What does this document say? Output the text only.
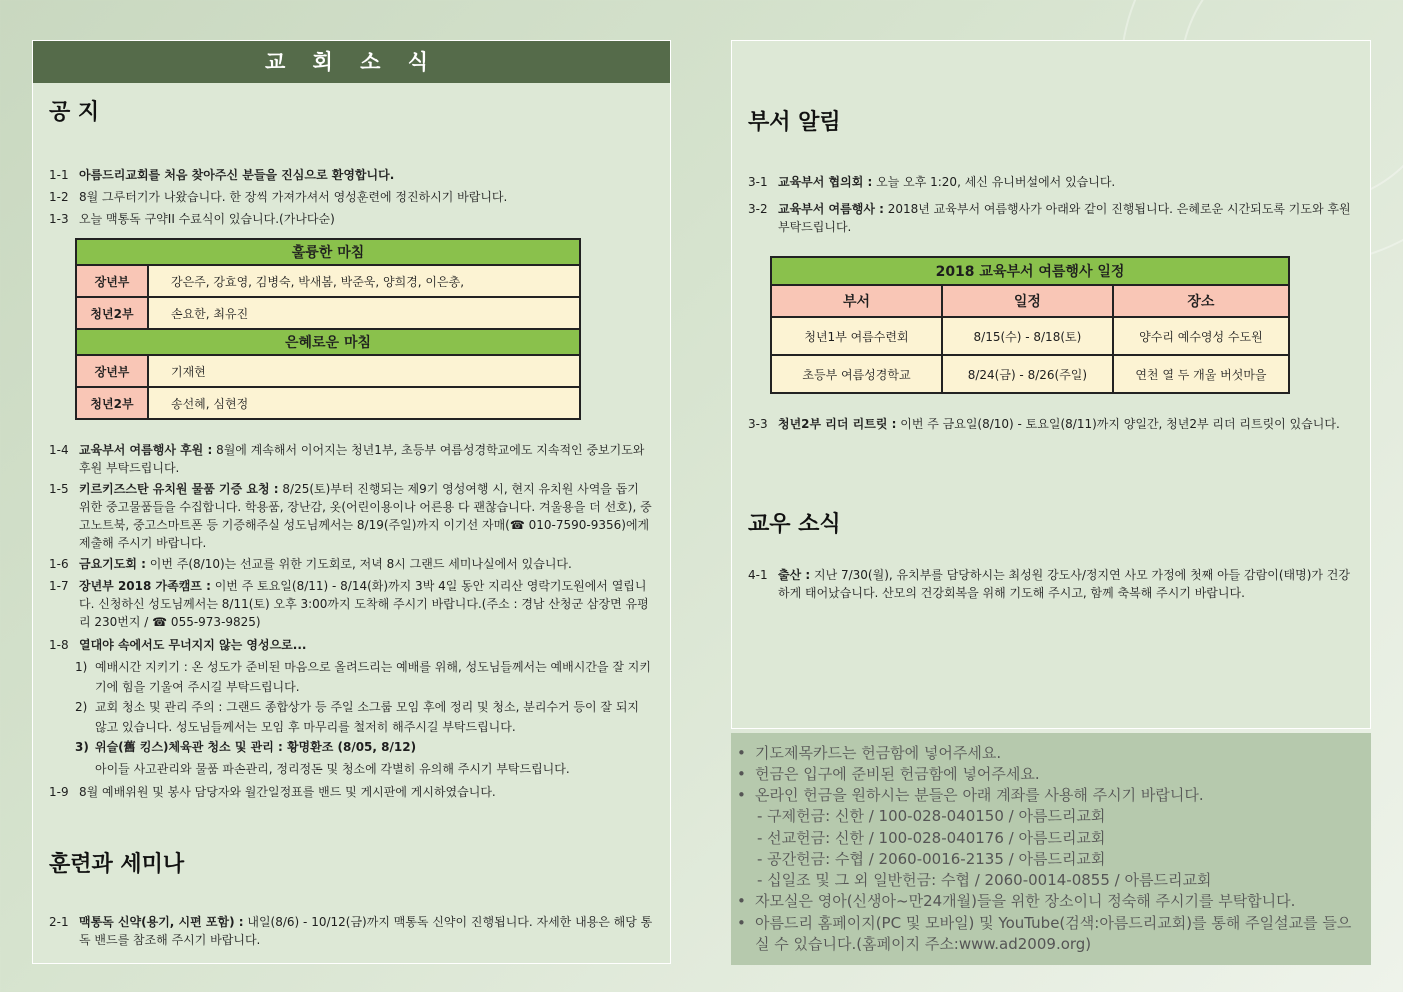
교 회 소 식
공 지
1-1 아름드리교회를 처음 찾아주신 분들을 진심으로 환영합니다.
1-2 8월 그루터기가 나왔습니다. 한 장씩 가져가셔서 영성훈련에 정진하시기 바랍니다.
1-3 오늘 맥통독 구약II 수료식이 있습니다.(가나다순)
훌륭한 마침	
장년부	강은주, 강효영, 김병숙, 박새봄, 박준욱, 양희경, 이은총,
청년2부	손요한, 최유진
은혜로운 마침	
장년부	기재현
청년2부	송선혜, 심현정
1-4 교육부서 여름행사 후원 : 8월에 계속해서 이어지는 청년1부, 초등부 여름성경학교에도 지속적인 중보기도와 후원 부탁드립니다.
1-5 키르키즈스탄 유치원 물품 기증 요청 : 8/25(토)부터 진행되는 제9기 영성여행 시, 현지 유치원 사역을 돕기 위한 중고물품들을 수집합니다. 학용품, 장난감, 옷(어린이용이나 어른용 다 괜찮습니다. 겨울용을 더 선호), 중고노트북, 중고스마트폰 등 기증해주실 성도님께서는 8/19(주일)까지 이기선 자매(☎ 010-7590-9356)에게 제출해 주시기 바랍니다.
1-6 금요기도회 : 이번 주(8/10)는 선교를 위한 기도회로, 저녁 8시 그랜드 세미나실에서 있습니다.
1-7 장년부 2018 가족캠프 : 이번 주 토요일(8/11) - 8/14(화)까지 3박 4일 동안 지리산 영락기도원에서 열립니다. 신청하신 성도님께서는 8/11(토) 오후 3:00까지 도착해 주시기 바랍니다.(주소 : 경남 산청군 삼장면 유평리 230번지 / ☎ 055-973-9825)
1-8 열대야 속에서도 무너지지 않는 영성으로...
1) 예배시간 지키기 : 온 성도가 준비된 마음으로 올려드리는 예배를 위해, 성도님들께서는 예배시간을 잘 지키기에 힘을 기울여 주시길 부탁드립니다.
2) 교회 청소 및 관리 주의 : 그랜드 종합상가 등 주일 소그룹 모임 후에 정리 및 청소, 분리수거 등이 잘 되지 않고 있습니다. 성도님들께서는 모임 후 마무리를 철저히 해주시길 부탁드립니다.
3) 위슬(舊 킹스)체육관 청소 및 관리 : 황명환조 (8/05, 8/12)
아이들 사고관리와 물품 파손관리, 정리정돈 및 청소에 각별히 유의해 주시기 부탁드립니다.
1-9 8월 예배위원 및 봉사 담당자와 월간일정표를 밴드 및 게시판에 게시하였습니다.
훈련과 세미나
2-1 맥통독 신약(용기, 시편 포함) : 내일(8/6) - 10/12(금)까지 맥통독 신약이 진행됩니다. 자세한 내용은 해당 통독 밴드를 참조해 주시기 바랍니다.
부서 알림
3-1 교육부서 협의회 : 오늘 오후 1:20, 세신 유니버설에서 있습니다.
3-2 교육부서 여름행사 : 2018년 교육부서 여름행사가 아래와 같이 진행됩니다. 은혜로운 시간되도록 기도와 후원 부탁드립니다.
2018 교육부서 여름행사 일정		
부서	일정	장소
청년1부 여름수련회	8/15(수) - 8/18(토)	양수리 예수영성 수도원
초등부 여름성경학교	8/24(금) - 8/26(주일)	연천 열 두 개울 버섯마을
3-3 청년2부 리더 리트릿 : 이번 주 금요일(8/10) - 토요일(8/11)까지 양일간, 청년2부 리더 리트릿이 있습니다.
교우 소식
4-1 출산 : 지난 7/30(월), 유치부를 담당하시는 최성원 강도사/정지연 사모 가정에 첫째 아들 감람이(태명)가 건강하게 태어났습니다. 산모의 건강회복을 위해 기도해 주시고, 함께 축복해 주시기 바랍니다.
• 기도제목카드는 헌금함에 넣어주세요.
• 헌금은 입구에 준비된 헌금함에 넣어주세요.
• 온라인 헌금을 원하시는 분들은 아래 계좌를 사용해 주시기 바랍니다.
- 구제헌금: 신한 / 100-028-040150 / 아름드리교회
- 선교헌금: 신한 / 100-028-040176 / 아름드리교회
- 공간헌금: 수협 / 2060-0016-2135 / 아름드리교회
- 십일조 및 그 외 일반헌금: 수협 / 2060-0014-0855 / 아름드리교회
• 자모실은 영아(신생아~만24개월)들을 위한 장소이니 정숙해 주시기를 부탁합니다.
• 아름드리 홈페이지(PC 및 모바일) 및 YouTube(검색:아름드리교회)를 통해 주일설교를 들으실 수 있습니다.(홈페이지 주소:www.ad2009.org)
